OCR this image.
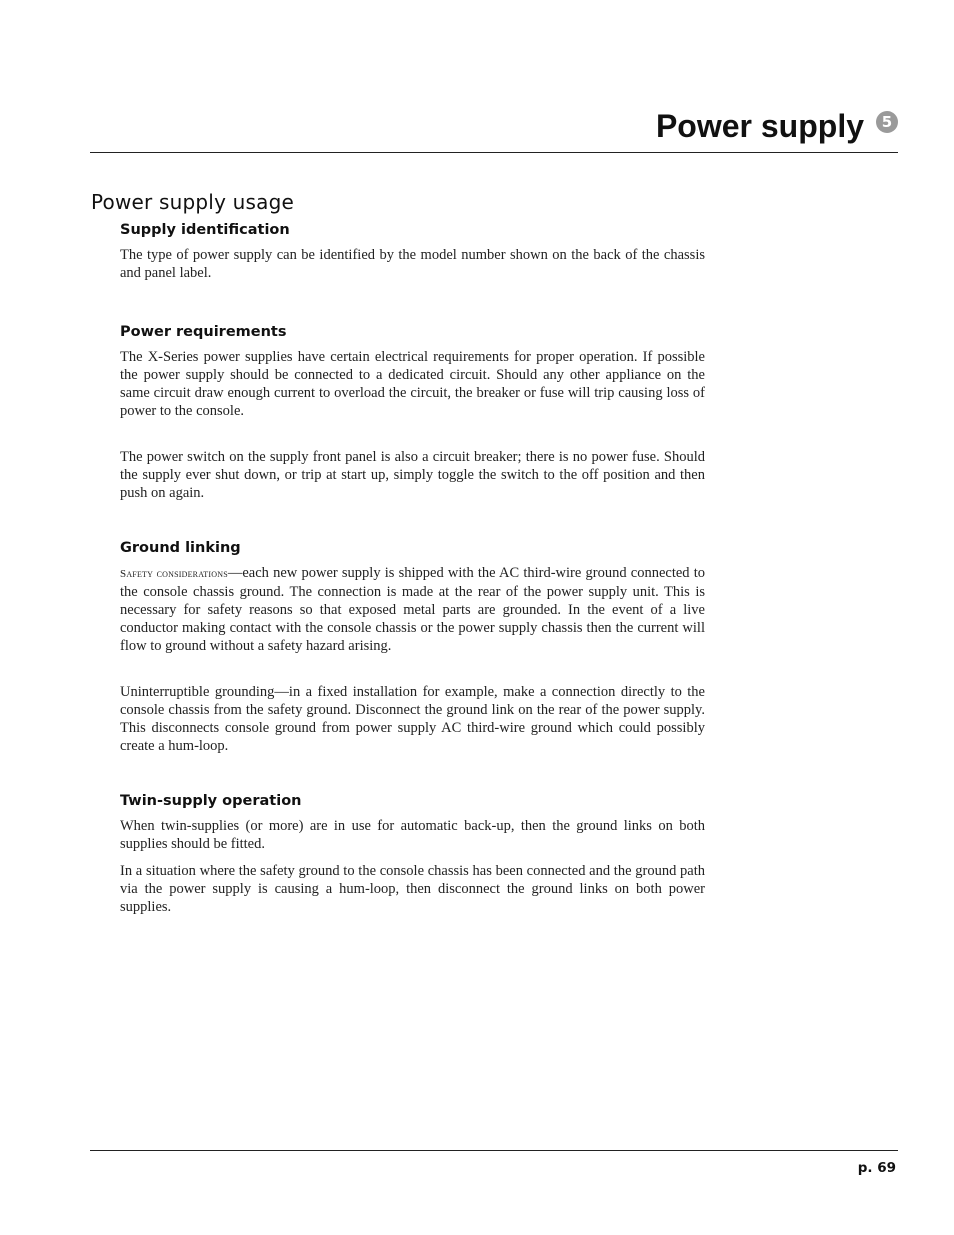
Power supply	5
Power supply usage
Supply identification

The type of power supply can be identified by the model number shown on the back of the chassis and panel label.

Power requirements

The X-Series power supplies have certain electrical requirements for proper operation. If possible the power supply should be connected to a dedicated circuit. Should any other appliance on the same circuit draw enough current to overload the circuit, the breaker or fuse will trip causing loss of power to the console.

The power switch on the supply front panel is also a circuit breaker; there is no power fuse. Should the supply ever shut down, or trip at start up, simply toggle the switch to the off position and then push on again.

Ground linking

Safety considerations—each new power supply is shipped with the AC third-wire ground connected to the console chassis ground. The connection is made at the rear of the power supply unit. This is necessary for safety reasons so that exposed metal parts are grounded. In the event of a live conductor making contact with the console chassis or the power supply chassis then the current will flow to ground without a safety hazard arising.

Uninterruptible grounding—in a fixed installation for example, make a connection directly to the console chassis from the safety ground. Disconnect the ground link on the rear of the power supply. This disconnects console ground from power supply AC third-wire ground which could possibly create a hum-loop.

Twin-supply operation

When twin-supplies (or more) are in use for automatic back-up, then the ground links on both supplies should be fitted.

In a situation where the safety ground to the console chassis has been connected and the ground path via the power supply is causing a hum-loop, then disconnect the ground links on both power supplies.

p. 69
